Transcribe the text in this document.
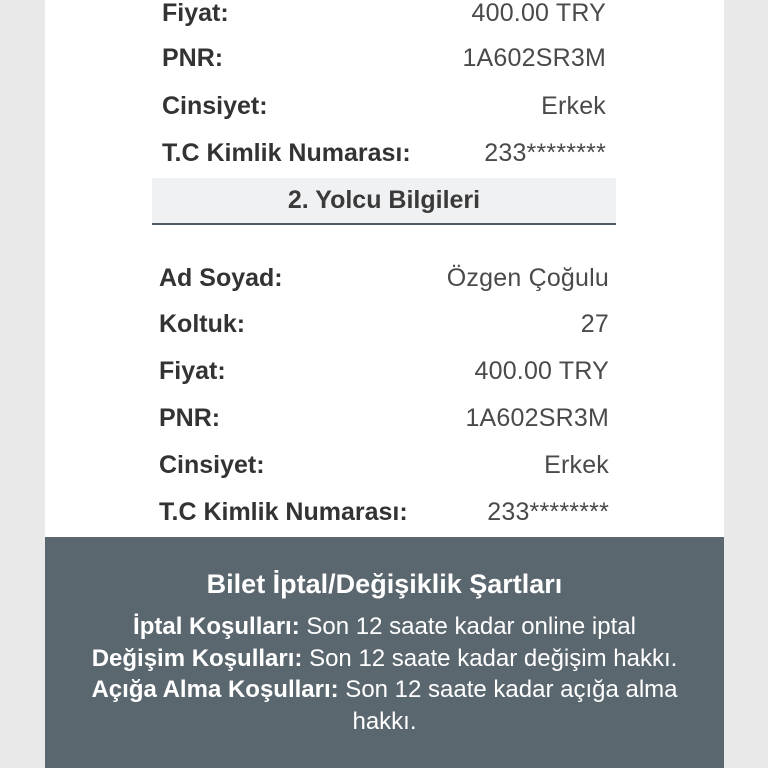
Fiyat:	400.00 TRY
PNR:	1A602SR3M
Cinsiyet:	Erkek
T.C Kimlik Numarası:	233********
2. Yolcu Bilgileri
Ad Soyad:	Özgen Çoğulu
Koltuk:	27
Fiyat:	400.00 TRY
PNR:	1A602SR3M
Cinsiyet:	Erkek
T.C Kimlik Numarası:	233********
Bilet İptal/Değişiklik Şartları

İptal Koşulları: Son 12 saate kadar online iptal

Değişim Koşulları: Son 12 saate kadar değişim hakkı.

Açığa Alma Koşulları: Son 12 saate kadar açığa alma hakkı.
